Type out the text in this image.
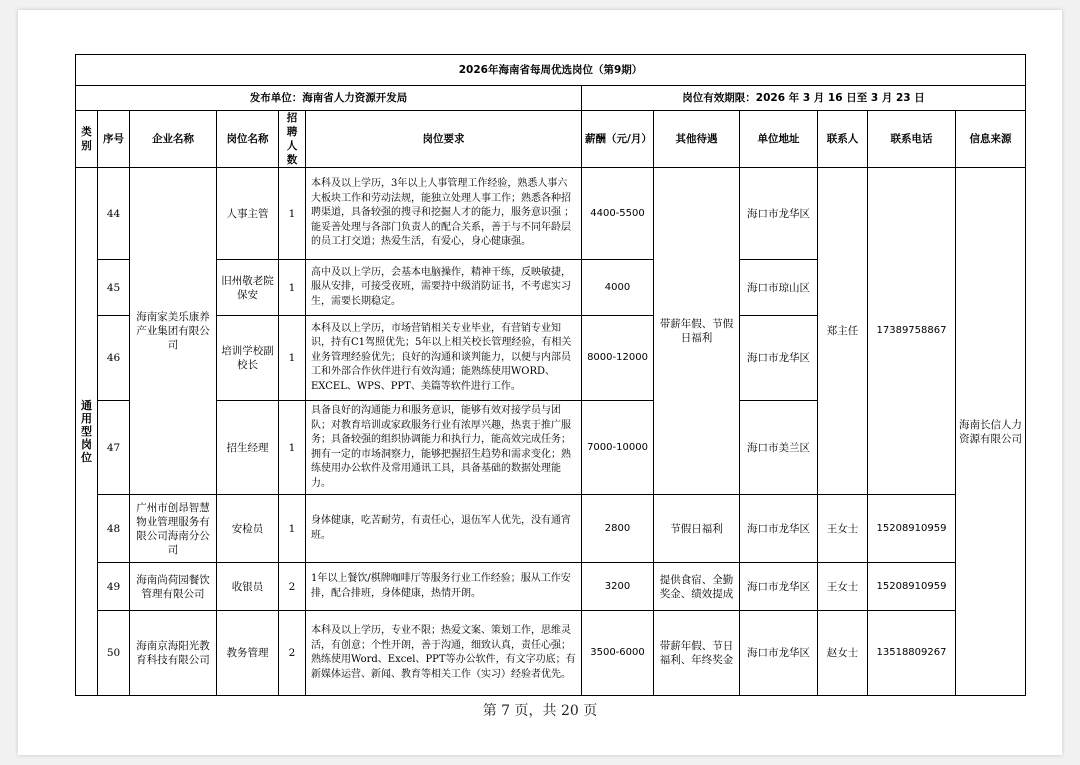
2026年海南省每周优选岗位（第9期）											
发布单位：海南省人力资源开发局						岗位有效期限：2026 年 3 月 16 日至 3 月 23 日					
类别	序号	企业名称	岗位名称	招聘人数	岗位要求	薪酬（元/月）	其他待遇	单位地址	联系人	联系电话	信息来源
通用型岗位	44	海南家美乐康养产业集团有限公司	人事主管	1	本科及以上学历，3年以上人事管理工作经验，熟悉人事六大板块工作和劳动法规，能独立处理人事工作；熟悉各种招聘渠道，具备较强的搜寻和挖掘人才的能力，服务意识强 ；能妥善处理与各部门负责人的配合关系，善于与不同年龄层的员工打交道；热爱生活，有爱心，身心健康强。	4400-5500	带薪年假、节假日福利	海口市龙华区	郑主任	17389758867	海南长信人力资源有限公司
	45		旧州敬老院保安	1	高中及以上学历，会基本电脑操作，精神干练，反映敏捷，服从安排，可接受夜班，需要持中级消防证书，不考虑实习生，需要长期稳定。	4000		海口市琼山区			
	46		培训学校副校长	1	本科及以上学历，市场营销相关专业毕业，有营销专业知识，持有C1驾照优先；5年以上相关校长管理经验，有相关业务管理经验优先；良好的沟通和谈判能力，以便与内部员工和外部合作伙伴进行有效沟通；能熟练使用WORD、EXCEL、WPS、PPT、美篇等软件进行工作。	8000-12000		海口市龙华区			
	47		招生经理	1	具备良好的沟通能力和服务意识，能够有效对接学员与团队；对教育培训或家政服务行业有浓厚兴趣，热衷于推广服务；具备较强的组织协调能力和执行力，能高效完成任务；拥有一定的市场洞察力，能够把握招生趋势和需求变化；熟练使用办公软件及常用通讯工具，具备基础的数据处理能力。	7000-10000		海口市美兰区			
	48	广州市创昂智慧物业管理服务有限公司海南分公司	安检员	1	身体健康，吃苦耐劳，有责任心，退伍军人优先，没有通宵班。	2800	节假日福利	海口市龙华区	王女士	15208910959	
	49	海南尚荷园餐饮管理有限公司	收银员	2	1年以上餐饮/棋牌咖啡厅等服务行业工作经验；服从工作安排，配合排班，身体健康，热情开朗。	3200	提供食宿、全勤奖金、绩效提成	海口市龙华区	王女士	15208910959	
	50	海南京海阳光教育科技有限公司	教务管理	2	本科及以上学历，专业不限；热爱文案、策划工作，思维灵活，有创意；个性开朗，善于沟通，细致认真，责任心强；熟练使用Word、Excel、PPT等办公软件，有文字功底；有新媒体运营、新闻、教育等相关工作（实习）经验者优先。	3500-6000	带薪年假、节日福利、年终奖金	海口市龙华区	赵女士	13518809267	
第 7 页，共 20 页
